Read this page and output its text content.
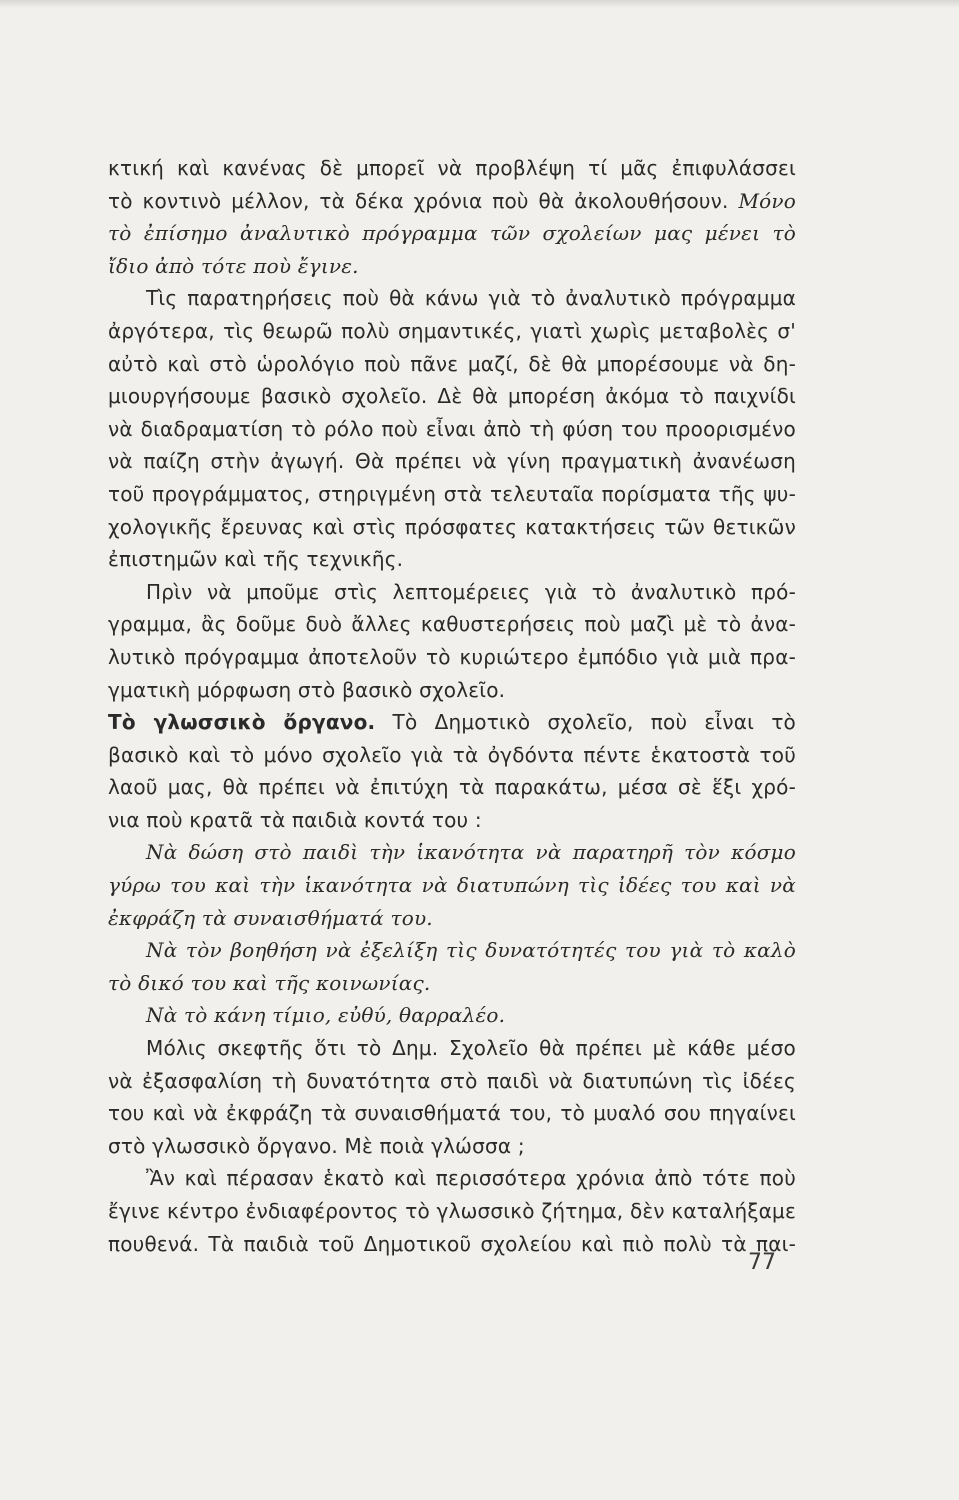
κτική καὶ κανένας δὲ μπορεῖ νὰ προβλέψη τί μᾶς ἐπιφυλάσσει
τὸ κοντινὸ μέλλον, τὰ δέκα χρόνια ποὺ θὰ ἀκολουθήσουν. Μόνο
τὸ ἐπίσημο ἀναλυτικὸ πρόγραμμα τῶν σχολείων μας μένει τὸ
ἴδιο ἀπὸ τότε ποὺ ἔγινε.
Τὶς παρατηρήσεις ποὺ θὰ κάνω γιὰ τὸ ἀναλυτικὸ πρόγραμμα
ἀργότερα, τὶς θεωρῶ πολὺ σημαντικές, γιατὶ χωρὶς μεταβολὲς σ'
αὐτὸ καὶ στὸ ὡρολόγιο ποὺ πᾶνε μαζί, δὲ θὰ μπορέσουμε νὰ δη-
μιουργήσουμε βασικὸ σχολεῖο. Δὲ θὰ μπορέση ἀκόμα τὸ παιχνίδι
νὰ διαδραματίση τὸ ρόλο ποὺ εἶναι ἀπὸ τὴ φύση του προορισμένο
νὰ παίζη στὴν ἀγωγή. Θὰ πρέπει νὰ γίνη πραγματικὴ ἀνανέωση
τοῦ προγράμματος, στηριγμένη στὰ τελευταῖα πορίσματα τῆς ψυ-
χολογικῆς ἔρευνας καὶ στὶς πρόσφατες κατακτήσεις τῶν θετικῶν
ἐπιστημῶν καὶ τῆς τεχνικῆς.
Πρὶν νὰ μποῦμε στὶς λεπτομέρειες γιὰ τὸ ἀναλυτικὸ πρό-
γραμμα, ἂς δοῦμε δυὸ ἄλλες καθυστερήσεις ποὺ μαζὶ μὲ τὸ ἀνα-
λυτικὸ πρόγραμμα ἀποτελοῦν τὸ κυριώτερο ἐμπόδιο γιὰ μιὰ πρα-
γματικὴ μόρφωση στὸ βασικὸ σχολεῖο.
Τὸ γλωσσικὸ ὄργανο. Τὸ Δημοτικὸ σχολεῖο, ποὺ εἶναι τὸ
βασικὸ καὶ τὸ μόνο σχολεῖο γιὰ τὰ ὀγδόντα πέντε ἑκατοστὰ τοῦ
λαοῦ μας, θὰ πρέπει νὰ ἐπιτύχη τὰ παρακάτω, μέσα σὲ ἕξι χρό-
νια ποὺ κρατᾶ τὰ παιδιὰ κοντά του :
Νὰ δώση στὸ παιδὶ τὴν ἱκανότητα νὰ παρατηρῆ τὸν κόσμο
γύρω του καὶ τὴν ἱκανότητα νὰ διατυπώνη τὶς ἰδέες του καὶ νὰ
ἐκφράζη τὰ συναισθήματά του.
Νὰ τὸν βοηθήση νὰ ἐξελίξη τὶς δυνατότητές του γιὰ τὸ καλὸ
τὸ δικό του καὶ τῆς κοινωνίας.
Νὰ τὸ κάνη τίμιο, εὐθύ, θαρραλέο.
Μόλις σκεφτῆς ὅτι τὸ Δημ. Σχολεῖο θὰ πρέπει μὲ κάθε μέσο
νὰ ἐξασφαλίση τὴ δυνατότητα στὸ παιδὶ νὰ διατυπώνη τὶς ἰδέες
του καὶ νὰ ἐκφράζη τὰ συναισθήματά του, τὸ μυαλό σου πηγαίνει
στὸ γλωσσικὸ ὄργανο. Μὲ ποιὰ γλώσσα ;
Ἂν καὶ πέρασαν ἑκατὸ καὶ περισσότερα χρόνια ἀπὸ τότε ποὺ
ἔγινε κέντρο ἐνδιαφέροντος τὸ γλωσσικὸ ζήτημα, δὲν καταλήξαμε
πουθενά. Τὰ παιδιὰ τοῦ Δημοτικοῦ σχολείου καὶ πιὸ πολὺ τὰ παι-
77
